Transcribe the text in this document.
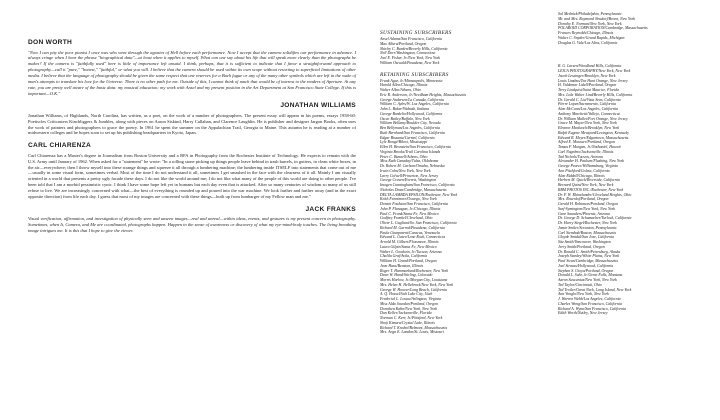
DON WORTH

"Now I can pity the poor pianist I once was who went through the agonies of Hell before each performance. Now I accept that the camera solidifies our performance in advance. I always cringe when I hear the phrase "biographical data"—at least when it applies to myself. What can one say about his life that will speak more clearly than the photographs he makes? If the camera is "faithfully used" here is little of importance left unsaid. I think, perhaps, that it is sufficient to indicate that I favor a straightforward approach to photography—call it "pure," "honest," "faithful," or what you will. I believe that the camera should be used within its own scope without resorting to superficial limitations of other media. I believe that the language of photography should be given the same respect that one reserves for a Bach fugue or any of the many other symbols which are left in the wake of man's attempts to translate his love for the Universe. There is no other path for me. Outside of this, I cannot think of much that would be of interest to the readers of Aperture. At any rate, you are pretty well aware of the basic data: my musical education; my work with Ansel and my present position in the Art Department at San Francisco State College. If this is important—O.K."

JONATHAN WILLIAMS

Jonathan Williams, of Highlands, North Carolina, has written, as a poet, on the work of a number of photographers. The present essay will appear in his poems, essays 1958-60: Poetiscles Criticasters Kinchliggers & Jumbles, along with pieces on Aaron Siskind, Harry Callahan, and Clarence Laughlin. He is publisher and designer Jargon Books, often uses the work of painters and photographers to grace the poetry. In 1961 he spent the summer on the Appalachian Trail, Georgia to Maine. This autumn he is reading at a number of midwestern colleges and he hopes soon to set up his publishing headquarters in Kyoto, Japan.

CARL CHIARENZA

Carl Chiarenza has a Master's degree in Journalism from Boston University and a BFA in Photography from the Rochester Institute of Technology. He expects to remain with the U.S. Army until January of 1962. When asked for a "statement" he wrote: "In a rolling stone picking up things people leave behind in trash barrels, in gutters, in clean white boxes, in the air—everywhere; then I throw myself into these strange things and squeeze it all through a lumbering machine; the lumbering inside ITSELF into statements that come out of me—usually in some visual form, sometimes verbal. Most of the time I do not understand it all, sometimes I get smashed in the face with the clearness of it all. Mainly I am visually oriented in a world that presents a pretty ugly facade these days. I do not like the world around me; I do not like what many of the people of this world are doing to other people. I've been told that I am a morbid pessimistic cynic. I think I have some hope left yet in humans but each day even that is attacked. After so many centuries of wisdom so many of us still refuse to live. We are increasingly concerned with what—the best of everything is rounded up and poured into the war machine. We look farther and farther away (and in the exact opposite direction) from life each day. I guess that most of my images are concerned with these things—built up from lumbarger of my Fellow man and me."

JACK FRANKS

Visual verification, affirmation, and investigation of physically seen and unseen images—real and unreal—within ideas, events, and gestures is my present concern in photography. Sometimes, when It, Camera, and Me are coordinated, photographs happen. Happen in the sense of awareness or discovery of what my eye-mind-body touches. The living breathing image intrigues me. It is this that I hope to give the viewer.

SUSTAINING SUBSCRIBERS
Ansel Adams/San Francisco, California
Max Allura/Portland, Oregon
Shirley C. Burden/Beverly Hills, California
Nell Dorr/Washington, Connecticut
Joel E. Fisher, Jr./New York, New York
William Ostwald/Pasadena, New York
RETAINING SUBSCRIBERS
Frank Agar, Jr./Minneapolis, Minnesota
Harold Allen/Chicago, Illinois
Walter Allen/Athens, Ohio
Eric R. Anderson, Jr./Needham Heights, Massachusetts
George Andersen/La Canada, California
William C. Ayles/W. Los Angeles, California
John L. Baker/Wabash, Indiana
George Bardelio/Hollywood, California
Oscar Bailey/Buffalo, New York
William Bellamy/Boulder City, Nevada
Ben Bellyman/Los Angeles, California
Ruth Bernhard/San Francisco, California
Edgar Bissantz/Carmel, California
Lyle Bongé/Biloxi, Mississippi
Ellen H. Bronstein/San Francisco, California
Virginia Brooks/Trail Carolina Islands
Peter C. Bunnell/Athens, Ohio
Miss Ruth Canaday/Tulsa, Oklahoma
Dr. Robert M. Carlson/Omaha, Nebraska
Irwin Cohn/New York, New York
Larry Colwell/Princeton, New Jersey
George Craven/Everett, Washington
Imogen Cunningham/San Francisco, California
Nicholas Dean/Cambridge, Massachusetts
DELTA LAMBDA EPSILON/Rochester, New York
Keith Fennimore/Oswego, New York
Dorain Foulston/San Francisco, California
John P. Flanagan, Jr./Chicago, Illinois
Paul C. Frank/Santa Fe, New Mexico
Godfrey Frankel/Cleveland, Ohio
Oliver L. Gagliani/So. San Francisco, California
Richard M. Garrod/Pasadena, California
Paula Giunparent/Caracas, Venezuela
Edward L. Gatev/Lone Rock, Connecticut
Arnold M. Gilbert/Flossmoor, Illinois
Laura Gilpin/Santa Fe, New Mexico
Walter L. Goodwin, Jr./Tucson, Arizona
Chalila Graf/Avila, California
William H. Grand/Portland, Oregon
Jean Haus/Beaston, Illinois
Roger T. Hammarlund/Rochester, New York
Dean W. Hand/Stirling, Colorado
Morris Harlow, Jr./Morgan City, Louisiana
Mrs. Helen H. Hellebrock/New York, New York
George W. Hoover/Long Beach, California
A. Q. Hossel/Salt Lake City, Utah
Frederick L. Losaw/Arlington, Virginia
Miss Alda Jourdan/Portland, Oregon
Dorothea Kahn/New York, New York
Dan Keller/Jacksonville, Florida
Norman C. Kerr, Jr./Pittsford, New York
Shoji Kimura/Crystal Lake, Illinois
Richard T. Knobel/Belmont, Massachusetts
Mrs. Aegn E. Landon/St. Louis, Missouri
Sol Mednick/Philadelphia, Pennsylvania
Mr. and Mrs. Raymond Neudorf/Bronx, New York
Dorothy E. Norman/New York, New York
POLAROID CORPORATION/Cambridge, Massachusetts
Frances Reynolds/Chicago, Illinois
Walter C. Snyder/Grand Rapids, Michigan
Douglas G. Vale/Los Altos, California

R. G. Larsen/Woodland Hills, California
LEICA PHOTOGRAPHY/New York, New York
Jacob Lessinger/Brooklyn, New York
Louis Linzbus/Tea Hunt Orange, New Jersey
H. Valdemar Lidell/Portland, Oregon
Terry Lindquist/Saint Maurice, Florida
Mrs. Lola Walter Lind/Beverly Hills, California
Dr. Gerald C. Liu/Vista Seas, California
Pierre Lopez/Sacramento, California
Alan McCann/Los Angeles, California
Anthony Marchetti/Vallejo, Connecticut
Dr. William Mallet/Fort Orange, New Jersey
Grace M. Mayer/New York, New York
Eleanor Mealuoch/Brooklyn, New York
Ralph Eugene Meatyard/Lexington, Kentucky
Edward R. Meyer/Edgartown, Massachusetts
Alfred E. Mousser/Portland, Oregon
Tamas F. Morgan, Jr./Nathaniel, Hawaii
Carl Nagelmo/Jacksonville, Illinois
Tad Nichols/Tucson, Arizona
Alexander H. Paulsen/Flushing, New York
George Pearce/Williamsburg, Virginia
Ann Pitchford/Goleta, California
Alan Riddell/Chicago, Illinois
Herbert M. Quick/Riverside, California
Bernard Quint/New York, New York
RBM PHOTOS INC./Rochester, New York
Dr. F. W. Rhinelander/Cleveland Heights, Ohio
Mrs. Rosenlof/Portland, Oregon
Gerald H. Robinson/Portland, Oregon
Surf-Symington/New York, New York
Gene Saunders/Phoenix, Arizona
Dr. George D. Schumacher/Turlock, California
Dr. Harry Siegel/Rochester, New York
Jamie Smiler/Scranton, Pennsylvania
Carl Siembab/Boston, Massachusetts
Gloyde Smidal/San Jose, California
Sitz Smith/Vancouver, Washington
Jerry Smith/Portland, Oregon
Dr. Ronald C. Smith/Petersburg, Alaska
Joseph Stanley/White Plains, New York
Paul Swan/Cambridge, Massachusetts
Joel Strauss/Hollywood, California
Stephen S. Gioya/Portland, Oregon
Donald L. Suhr, Jr./Great Falls, Montana
Aaron Suscunius/New York, New York
Ted Taylor/Cincinnati, Ohio
Ted Troiler/Great Neck, Long Island, New York
Ann Vonglo/New York, New York
J. Warren Webb/Los Angeles, California
Charles Wong/San Francisco, California
Richard A. Wynn/San Francisco, California
Edith Worth/Nutley, New Jersey
